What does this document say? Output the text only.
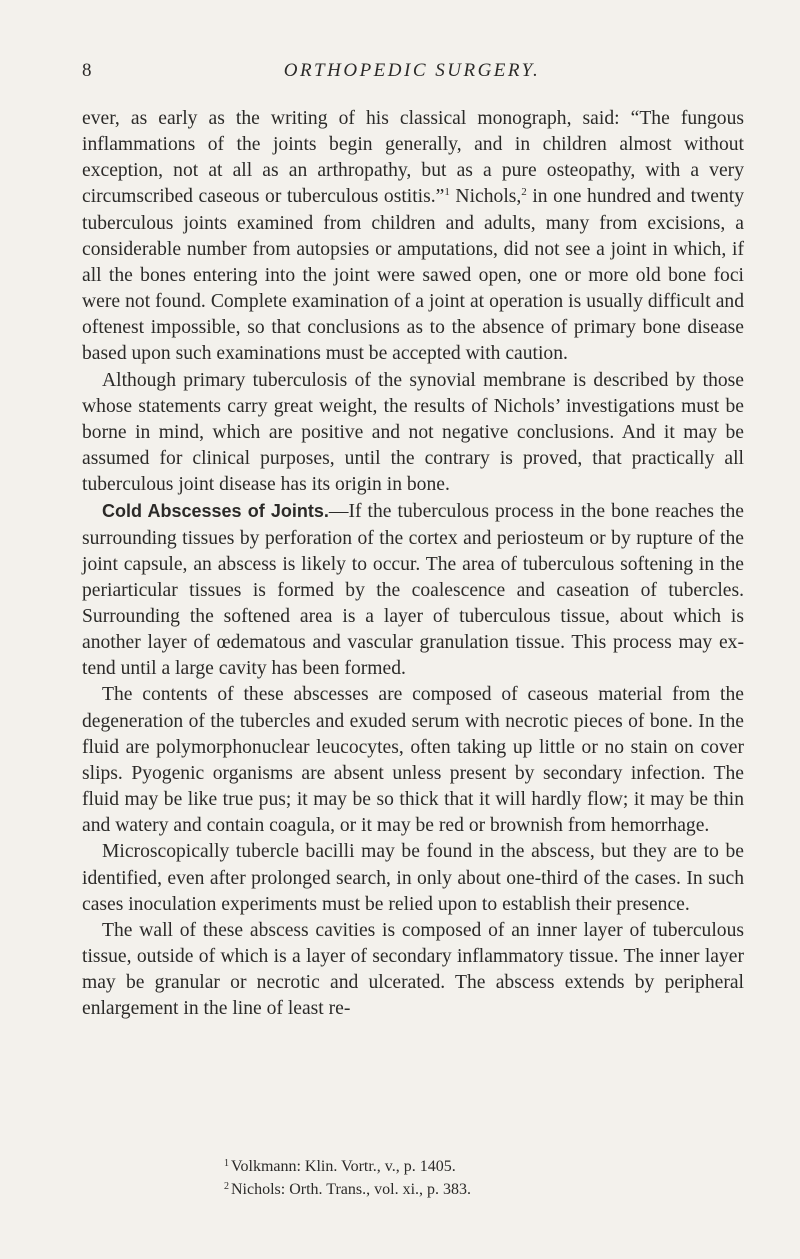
8	ORTHOPEDIC SURGERY.

ever, as early as the writing of his classical monograph, said: “The fungous inflammations of the joints begin generally, and in children almost without exception, not at all as an arthropathy, but as a pure osteopathy, with a very circumscribed caseous or tuberculous ostitis.”$^1$ Nichols,$^2$ in one hundred and twenty tuberculous joints examined from children and adults, many from excisions, a considerable number from autopsies or amputations, did not see a joint in which, if all the bones entering into the joint were sawed open, one or more old bone foci were not found. Complete examination of a joint at operation is usually difficult and oftenest impossible, so that conclusions as to the absence of primary bone disease based upon such examinations must be accepted with caution.

Although primary tuberculosis of the synovial membrane is described by those whose statements carry great weight, the results of Nichols’ investigations must be borne in mind, which are positive and not negative conclusions. And it may be assumed for clinical purposes, until the contrary is proved, that practically all tuberculous joint disease has its origin in bone.

Cold Abscesses of Joints.—If the tuberculous process in the bone reaches the surrounding tissues by perforation of the cortex and periosteum or by rupture of the joint capsule, an abscess is likely to occur. The area of tuberculous softening in the periarticular tissues is formed by the coalescence and caseation of tubercles. Surrounding the softened area is a layer of tuberculous tissue, about which is another layer of œdematous and vascular granulation tissue. This process may extend until a large cavity has been formed.

The contents of these abscesses are composed of caseous material from the degeneration of the tubercles and exuded serum with necrotic pieces of bone. In the fluid are polymorphonuclear leucocytes, often taking up little or no stain on cover slips. Pyogenic organisms are absent unless present by secondary infection. The fluid may be like true pus; it may be so thick that it will hardly flow; it may be thin and watery and contain coagula, or it may be red or brownish from hemorrhage.

Microscopically tubercle bacilli may be found in the abscess, but they are to be identified, even after prolonged search, in only about one-third of the cases. In such cases inoculation experiments must be relied upon to establish their presence.

The wall of these abscess cavities is composed of an inner layer of tuberculous tissue, outside of which is a layer of secondary inflammatory tissue. The inner layer may be granular or necrotic and ulcerated. The abscess extends by peripheral enlargement in the line of least re-

$^1$ Volkmann: Klin. Vortr., v., p. 1405.

$^2$ Nichols: Orth. Trans., vol. xi., p. 383.
